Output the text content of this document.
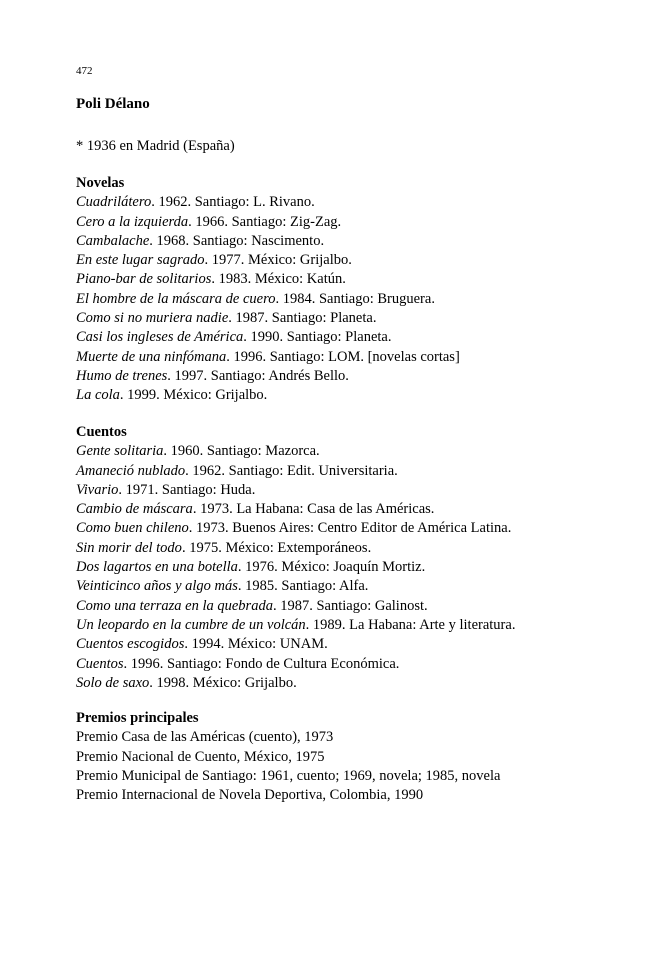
472
Poli Délano
* 1936 en Madrid (España)
Novelas
Cuadrilátero. 1962. Santiago: L. Rivano.
Cero a la izquierda. 1966. Santiago: Zig-Zag.
Cambalache. 1968. Santiago: Nascimento.
En este lugar sagrado. 1977. México: Grijalbo.
Piano-bar de solitarios. 1983. México: Katún.
El hombre de la máscara de cuero. 1984. Santiago: Bruguera.
Como si no muriera nadie. 1987. Santiago: Planeta.
Casi los ingleses de América. 1990. Santiago: Planeta.
Muerte de una ninfómana. 1996. Santiago: LOM. [novelas cortas]
Humo de trenes. 1997. Santiago: Andrés Bello.
La cola. 1999. México: Grijalbo.
Cuentos
Gente solitaria. 1960. Santiago: Mazorca.
Amaneció nublado. 1962. Santiago: Edit. Universitaria.
Vivario. 1971. Santiago: Huda.
Cambio de máscara. 1973. La Habana: Casa de las Américas.
Como buen chileno. 1973. Buenos Aires: Centro Editor de América Latina.
Sin morir del todo. 1975. México: Extemporáneos.
Dos lagartos en una botella. 1976. México: Joaquín Mortiz.
Veinticinco años y algo más. 1985. Santiago: Alfa.
Como una terraza en la quebrada. 1987. Santiago: Galinost.
Un leopardo en la cumbre de un volcán. 1989. La Habana: Arte y literatura.
Cuentos escogidos. 1994. México: UNAM.
Cuentos. 1996. Santiago: Fondo de Cultura Económica.
Solo de saxo. 1998. México: Grijalbo.
Premios principales
Premio Casa de las Américas (cuento), 1973
Premio Nacional de Cuento, México, 1975
Premio Municipal de Santiago: 1961, cuento; 1969, novela; 1985, novela
Premio Internacional de Novela Deportiva, Colombia, 1990
